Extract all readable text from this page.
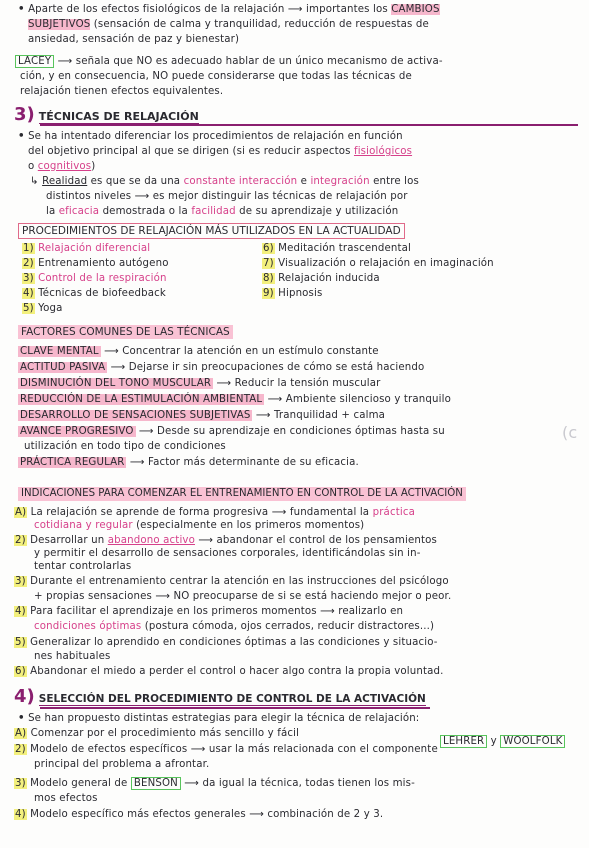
• Aparte de los efectos fisiológicos de la relajación ⟶ importantes los CAMBIOS
SUBJETIVOS (sensación de calma y tranquilidad, reducción de respuestas de
ansiedad, sensación de paz y bienestar)
LACEY ⟶ señala que NO es adecuado hablar de un único mecanismo de activa-
ción, y en consecuencia, NO puede considerarse que todas las técnicas de
relajación tienen efectos equivalentes.
3) TÉCNICAS DE RELAJACIÓN
• Se ha intentado diferenciar los procedimientos de relajación en función
del objetivo principal al que se dirigen (si es reducir aspectos fisiológicos
o cognitivos)
↳ Realidad es que se da una constante interacción e integración entre los
distintos niveles ⟶ es mejor distinguir las técnicas de relajación por
la eficacia demostrada o la facilidad de su aprendizaje y utilización
PROCEDIMIENTOS DE RELAJACIÓN MÁS UTILIZADOS EN LA ACTUALIDAD
1) Relajación diferencial
2) Entrenamiento autógeno
3) Control de la respiración
4) Técnicas de biofeedback
5) Yoga
6) Meditación trascendental
7) Visualización o relajación en imaginación
8) Relajación inducida
9) Hipnosis
FACTORES COMUNES DE LAS TÉCNICAS
CLAVE MENTAL ⟶ Concentrar la atención en un estímulo constante
ACTITUD PASIVA ⟶ Dejarse ir sin preocupaciones de cómo se está haciendo
DISMINUCIÓN DEL TONO MUSCULAR ⟶ Reducir la tensión muscular
REDUCCIÓN DE LA ESTIMULACIÓN AMBIENTAL ⟶ Ambiente silencioso y tranquilo
DESARROLLO DE SENSACIONES SUBJETIVAS ⟶ Tranquilidad + calma
AVANCE PROGRESIVO ⟶ Desde su aprendizaje en condiciones óptimas hasta su
utilización en todo tipo de condiciones
PRÁCTICA REGULAR ⟶ Factor más determinante de su eficacia.
(c
INDICACIONES PARA COMENZAR EL ENTRENAMIENTO EN CONTROL DE LA ACTIVACIÓN
A) La relajación se aprende de forma progresiva ⟶ fundamental la práctica
cotidiana y regular (especialmente en los primeros momentos)
2) Desarrollar un abandono activo ⟶ abandonar el control de los pensamientos
y permitir el desarrollo de sensaciones corporales, identificándolas sin in-
tentar controlarlas
3) Durante el entrenamiento centrar la atención en las instrucciones del psicólogo
+ propias sensaciones ⟶ NO preocuparse de si se está haciendo mejor o peor.
4) Para facilitar el aprendizaje en los primeros momentos ⟶ realizarlo en
condiciones óptimas (postura cómoda, ojos cerrados, reducir distractores...)
5) Generalizar lo aprendido en condiciones óptimas a las condiciones y situacio-
nes habituales
6) Abandonar el miedo a perder el control o hacer algo contra la propia voluntad.
4) SELECCIÓN DEL PROCEDIMIENTO DE CONTROL DE LA ACTIVACIÓN
• Se han propuesto distintas estrategias para elegir la técnica de relajación:
A) Comenzar por el procedimiento más sencillo y fácil
2) Modelo de efectos específicos ⟶ usar la más relacionada con el componente
principal del problema a afrontar.
3) Modelo general de BENSON ⟶ da igual la técnica, todas tienen los mis-
mos efectos
4) Modelo específico más efectos generales ⟶ combinación de 2 y 3.
LEHRER y WOOLFOLK
